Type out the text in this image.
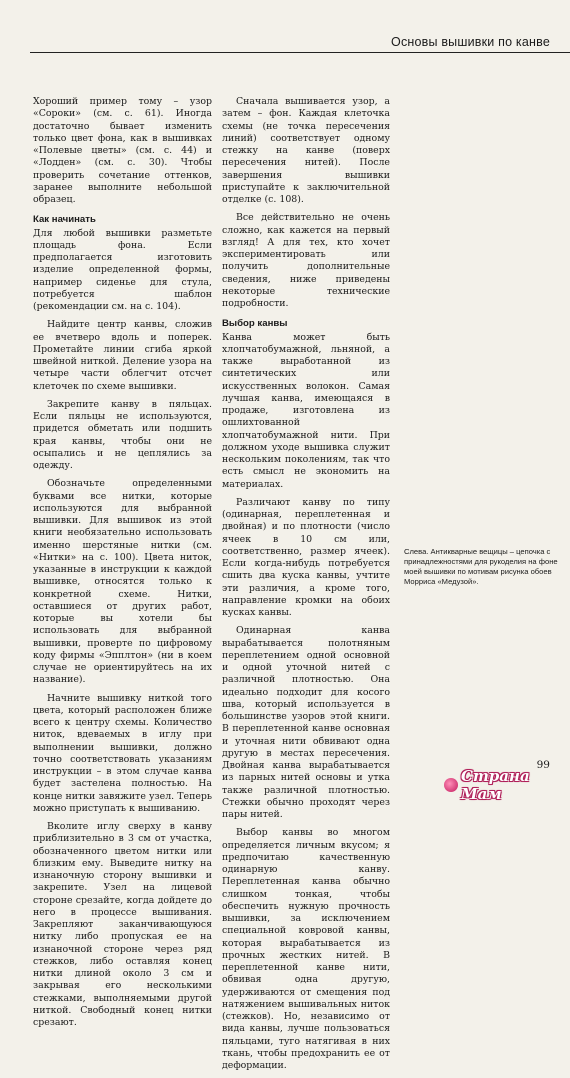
Основы вышивки по канве

Хороший пример тому – узор «Сороки» (см. с. 61). Иногда достаточно бывает изменить только цвет фона, как в вышивках «Полевые цветы» (см. с. 44) и «Лодден» (см. с. 30). Чтобы проверить сочетание оттенков, заранее выполните небольшой образец.

Как начинать

Для любой вышивки разметьте площадь фона. Если предполагается изготовить изделие определенной формы, например сиденье для стула, потребуется шаблон (рекомендации см. на с. 104).

Найдите центр канвы, сложив ее вчетверо вдоль и поперек. Прометайте линии сгиба яркой швейной ниткой. Деление узора на четыре части облегчит отсчет клеточек по схеме вышивки.

Закрепите канву в пяльцах. Если пяльцы не используются, придется обметать или подшить края канвы, чтобы они не осыпались и не цеплялись за одежду.

Обозначьте определенными буквами все нитки, которые используются для выбранной вышивки. Для вышивок из этой книги необязательно использовать именно шерстяные нитки (см. «Нитки» на с. 100). Цвета ниток, указанные в инструкции к каждой вышивке, относятся только к конкретной схеме. Нитки, оставшиеся от других работ, которые вы хотели бы использовать для выбранной вышивки, проверте по цифровому коду фирмы «Эпплтон» (ни в коем случае не ориентируйтесь на их название).

Начните вышивку ниткой того цвета, который расположен ближе всего к центру схемы. Количество ниток, вдеваемых в иглу при выполнении вышивки, должно точно соответствовать указаниям инструкции – в этом случае канва будет застелена полностью. На конце нитки завяжите узел. Теперь можно приступать к вышиванию.

Вколите иглу сверху в канву приблизительно в 3 см от участка, обозначенного цветом нитки или близким ему. Выведите нитку на изнаночную сторону вышивки и закрепите. Узел на лицевой стороне срезайте, когда дойдете до него в процессе вышивания. Закрепляют заканчивающуюся нитку либо пропуская ее на изнаночной стороне через ряд стежков, либо оставляя конец нитки длиной около 3 см и закрывая его несколькими стежками, выполняемыми другой ниткой. Свободный конец нитки срезают.

Сначала вышивается узор, а затем – фон. Каждая клеточка схемы (не точка пересечения линий) соответствует одному стежку на канве (поверх пересечения нитей). После завершения вышивки приступайте к заключительной отделке (с. 108).

Все действительно не очень сложно, как кажется на первый взгляд! А для тех, кто хочет экспериментировать или получить дополнительные сведения, ниже приведены некоторые технические подробности.

Выбор канвы

Канва может быть хлопчатобумажной, льняной, а также выработанной из синтетических или искусственных волокон. Самая лучшая канва, имеющаяся в продаже, изготовлена из ошлихтованной хлопчатобумажной нити. При должном уходе вышивка служит нескольким поколениям, так что есть смысл не экономить на материалах.

Различают канву по типу (одинарная, переплетенная и двойная) и по плотности (число ячеек в 10 см или, соответственно, размер ячеек). Если когда-нибудь потребуется сшить два куска канвы, учтите эти различия, а кроме того, направление кромки на обоих кусках канвы.

Одинарная канва вырабатывается полотняным переплетением одной основной и одной уточной нитей с различной плотностью. Она идеально подходит для косого шва, который используется в большинстве узоров этой книги. В переплетенной канве основная и уточная нити обвивают одна другую в местах пересечения. Двойная канва вырабатывается из парных нитей основы и утка также различной плотностью. Стежки обычно проходят через пары нитей.

Выбор канвы во многом определяется личным вкусом; я предпочитаю качественную одинарную канву. Переплетенная канва обычно слишком тонкая, чтобы обеспечить нужную прочность вышивки, за исключением специальной ковровой канвы, которая вырабатывается из прочных жестких нитей. В переплетенной канве нити, обвивая одна другую, удерживаются от смещения под натяжением вышивальных ниток (стежков). Но, независимо от вида канвы, лучше пользоваться пяльцами, туго натягивая в них ткань, чтобы предохранить ее от деформации.

Слева. Антикварные вещицы – цепочка с принадлежностями для рукоделия на фоне моей вышивки по мотивам рисунка обоев Морриса «Медузой».
99
Страна Мам
